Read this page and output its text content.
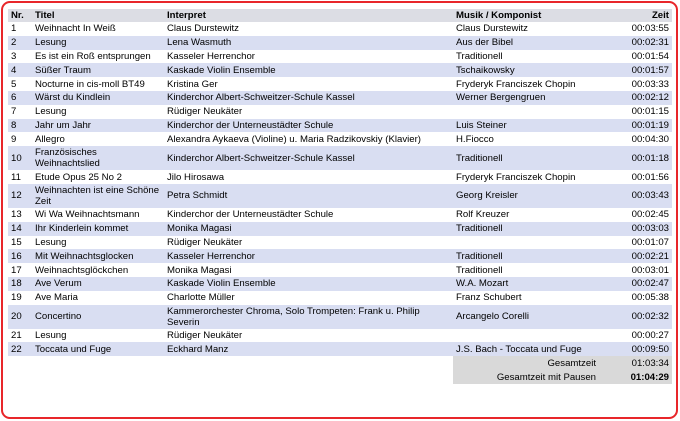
Nr.	Titel	Interpret	Musik / Komponist	Zeit
1	Weihnacht In Weiß	Claus Durstewitz	Claus Durstewitz	00:03:55
2	Lesung	Lena Wasmuth	Aus der Bibel	00:02:31
3	Es ist ein Roß entsprungen	Kasseler Herrenchor	Traditionell	00:01:54
4	Süßer Traum	Kaskade Violin Ensemble	Tschaikowsky	00:01:57
5	Nocturne in cis-moll BT49	Kristina Ger	Fryderyk Franciszek Chopin	00:03:33
6	Wärst du Kindlein	Kinderchor Albert-Schweitzer-Schule Kassel	Werner Bergengruen	00:02:12
7	Lesung	Rüdiger Neukäter		00:01:15
8	Jahr um Jahr	Kinderchor der Unterneustädter Schule	Luis Steiner	00:01:19
9	Allegro	Alexandra Aykaeva (Violine) u. Maria Radzikovskiy (Klavier)	H.Fiocco	00:04:30
10	Französisches Weihnachtslied	Kinderchor Albert-Schweitzer-Schule Kassel	Traditionell	00:01:18
11	Etude Opus 25 No 2	Jilo Hirosawa	Fryderyk Franciszek Chopin	00:01:56
12	Weihnachten ist eine Schöne Zeit	Petra Schmidt	Georg Kreisler	00:03:43
13	Wi Wa Weihnachtsmann	Kinderchor der Unterneustädter Schule	Rolf Kreuzer	00:02:45
14	Ihr Kinderlein kommet	Monika Magasi	Traditionell	00:03:03
15	Lesung	Rüdiger Neukäter		00:01:07
16	Mit Weihnachtsglocken	Kasseler Herrenchor	Traditionell	00:02:21
17	Weihnachtsglöckchen	Monika Magasi	Traditionell	00:03:01
18	Ave Verum	Kaskade Violin Ensemble	W.A. Mozart	00:02:47
19	Ave Maria	Charlotte Müller	Franz Schubert	00:05:38
20	Concertino	Kammerorchester Chroma, Solo Trompeten: Frank u. Philip Severin	Arcangelo Corelli	00:02:32
21	Lesung	Rüdiger Neukäter		00:00:27
22	Toccata und Fuge	Eckhard Manz	J.S. Bach - Toccata und Fuge	00:09:50
			Gesamtzeit	01:03:34
			Gesamtzeit mit Pausen	01:04:29
